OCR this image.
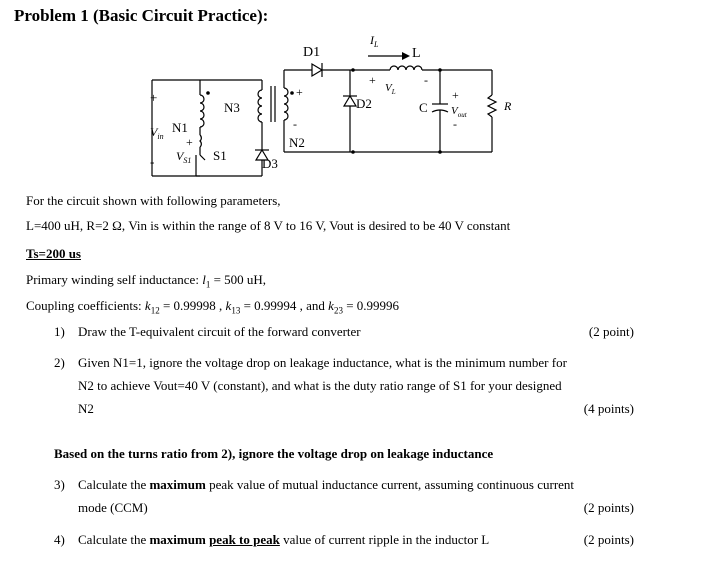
Problem 1 (Basic Circuit Practice):
+
-
$V_{in}$
N1
N3
N2
S1
$V_{S1}$
D1
D2
D3
$I_L$
L
$V_L$
+	-
+
-
+
C
+
-
$V_{out}$
R
For the circuit shown with following parameters,
L=400 uH, R=2 Ω, Vin is within the range of 8 V to 16 V, Vout is desired to be 40 V constant
Ts=200 us
Primary winding self inductance: $l_1 = 500$ uH,
Coupling coefficients: $k_{12} = 0.99998$ , $k_{13} = 0.99994$ , and $k_{23} = 0.99996$
1) Draw the T-equivalent circuit of the forward converter	(2 point)
2) Given N1=1, ignore the voltage drop on leakage inductance, what is the minimum number for
N2 to achieve Vout=40 V (constant), and what is the duty ratio range of S1 for your designed
N2	(4 points)
Based on the turns ratio from 2), ignore the voltage drop on leakage inductance
3) Calculate the maximum peak value of mutual inductance current, assuming continuous current
mode (CCM)	(2 points)
4) Calculate the maximum peak to peak value of current ripple in the inductor L	(2 points)
